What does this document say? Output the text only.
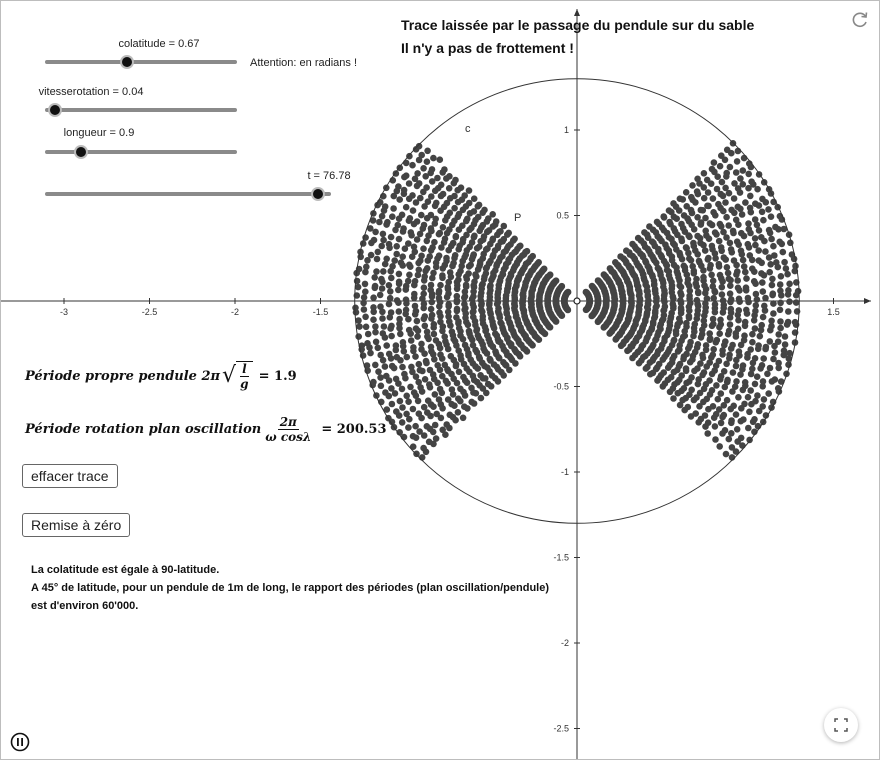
-3	-2.5	-2	-1.5	1.5
1
0.5
-0.5
-1
-1.5
-2
-2.5
c
P
Trace laissée par le passage du pendule sur du sable
Il n'y a pas de frottement !
colatitude = 0.67
Attention: en radians !
vitesserotation = 0.04
longueur = 0.9
t = 76.78
Période propre pendule 2π √ $\frac{l}{g} = 1.9$
Période rotation plan oscillation $\frac{2\pi}{\text{ω cosλ}} = 200.53$
effacer trace
Remise à zéro
La colatitude est égale à 90-latitude.
A 45° de latitude, pour un pendule de 1m de long, le rapport des périodes (plan oscillation/pendule)
est d'environ 60'000.
